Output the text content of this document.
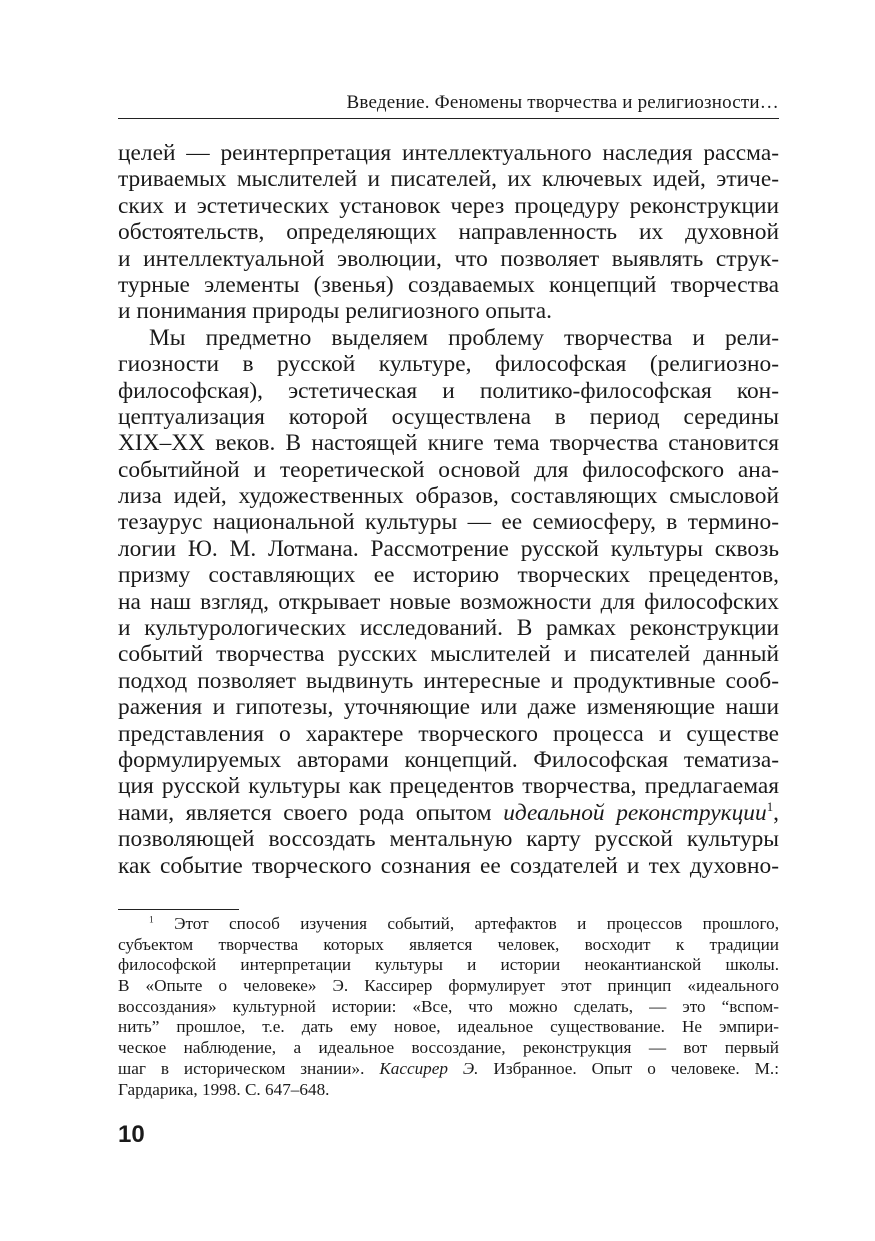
Введение. Феномены творчества и религиозности…
целей — реинтерпретация интеллектуального наследия рассма-
триваемых мыслителей и писателей, их ключевых идей, этиче-
ских и эстетических установок через процедуру реконструкции
обстоятельств, определяющих направленность их духовной
и интеллектуальной эволюции, что позволяет выявлять струк-
турные элементы (звенья) создаваемых концепций творчества
и понимания природы религиозного опыта.
Мы предметно выделяем проблему творчества и рели-
гиозности в русской культуре, философская (религиозно-
философская), эстетическая и политико-философская кон-
цептуализация которой осуществлена в период середины
XIX–XX веков. В настоящей книге тема творчества становится
событийной и теоретической основой для философского ана-
лиза идей, художественных образов, составляющих смысловой
тезаурус национальной культуры — ее семиосферу, в термино-
логии Ю. М. Лотмана. Рассмотрение русской культуры сквозь
призму составляющих ее историю творческих прецедентов,
на наш взгляд, открывает новые возможности для философских
и культурологических исследований. В рамках реконструкции
событий творчества русских мыслителей и писателей данный
подход позволяет выдвинуть интересные и продуктивные сооб-
ражения и гипотезы, уточняющие или даже изменяющие наши
представления о характере творческого процесса и существе
формулируемых авторами концепций. Философская тематиза-
ция русской культуры как прецедентов творчества, предлагаемая
нами, является своего рода опытом идеальной реконструкции$^1$,
позволяющей воссоздать ментальную карту русской культуры
как событие творческого сознания ее создателей и тех духовно-
$^1$ Этот способ изучения событий, артефактов и процессов прошлого,
субъектом творчества которых является человек, восходит к традиции
философской интерпретации культуры и истории неокантианской школы.
В «Опыте о человеке» Э. Кассирер формулирует этот принцип «идеального
воссоздания» культурной истории: «Все, что можно сделать, — это “вспом-
нить” прошлое, т.е. дать ему новое, идеальное существование. Не эмпири-
ческое наблюдение, а идеальное воссоздание, реконструкция — вот первый
шаг в историческом знании». Кассирер Э. Избранное. Опыт о человеке. М.:
Гардарика, 1998. С. 647–648.
10
